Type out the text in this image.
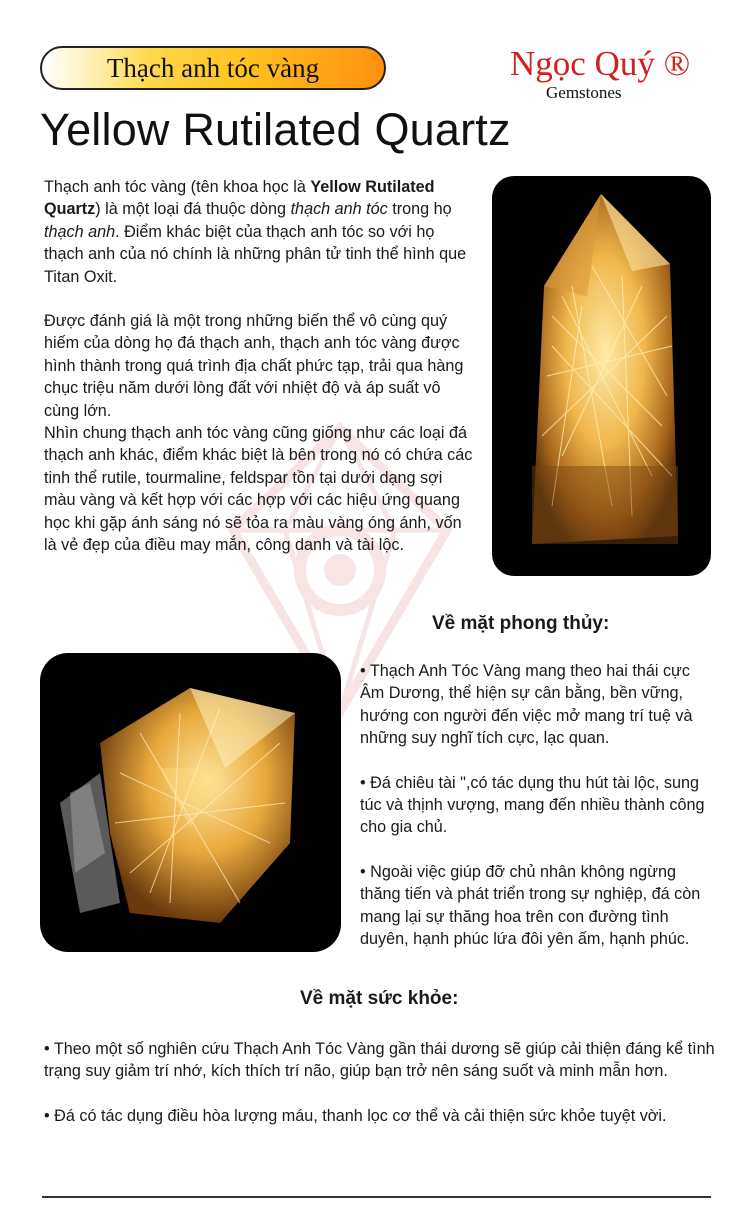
Thạch anh tóc vàng	Ngọc Quý ®
Gemstones
Yellow Rutilated Quartz

Thạch anh tóc vàng (tên khoa học là Yellow Rutilated Quartz) là một loại đá thuộc dòng thạch anh tóc trong họ thạch anh. Điểm khác biệt của thạch anh tóc so với họ thạch anh của nó chính là những phân tử tinh thể hình que Titan Oxit.

Được đánh giá là một trong những biến thể vô cùng quý hiếm của dòng họ đá thạch anh, thạch anh tóc vàng được hình thành trong quá trình địa chất phức tạp, trải qua hàng chục triệu năm dưới lòng đất với nhiệt độ và áp suất vô cùng lớn.

Nhìn chung thạch anh tóc vàng cũng giống như các loại đá thạch anh khác, điểm khác biệt là bên trong nó có chứa các tinh thể rutile, tourmaline, feldspar tồn tại dưới dạng sợi màu vàng và kết hợp với các hợp với các hiệu ứng quang học khi gặp ánh sáng nó sẽ tỏa ra màu vàng óng ánh, vốn là vẻ đẹp của điều may mắn, công danh và tài lộc.

Về mặt phong thủy:

• Thạch Anh Tóc Vàng mang theo hai thái cực Âm Dương, thể hiện sự cân bằng, bền vững, hướng con người đến việc mở mang trí tuệ và những suy nghĩ tích cực, lạc quan.

• Đá chiêu tài ",có tác dụng thu hút tài lộc, sung túc và thịnh vượng, mang đến nhiều thành công cho gia chủ.

• Ngoài việc giúp đỡ chủ nhân không ngừng thăng tiến và phát triển trong sự nghiệp, đá còn mang lại sự thăng hoa trên con đường tình duyên, hạnh phúc lứa đôi yên ấm, hạnh phúc.

Về mặt sức khỏe:

• Theo một số nghiên cứu Thạch Anh Tóc Vàng gần thái dương sẽ giúp cải thiện đáng kể tình trạng suy giảm trí nhớ, kích thích trí não, giúp bạn trở nên sáng suốt và minh mẫn hơn.

• Đá có tác dụng điều hòa lượng máu, thanh lọc cơ thể và cải thiện sức khỏe tuyệt vời.
